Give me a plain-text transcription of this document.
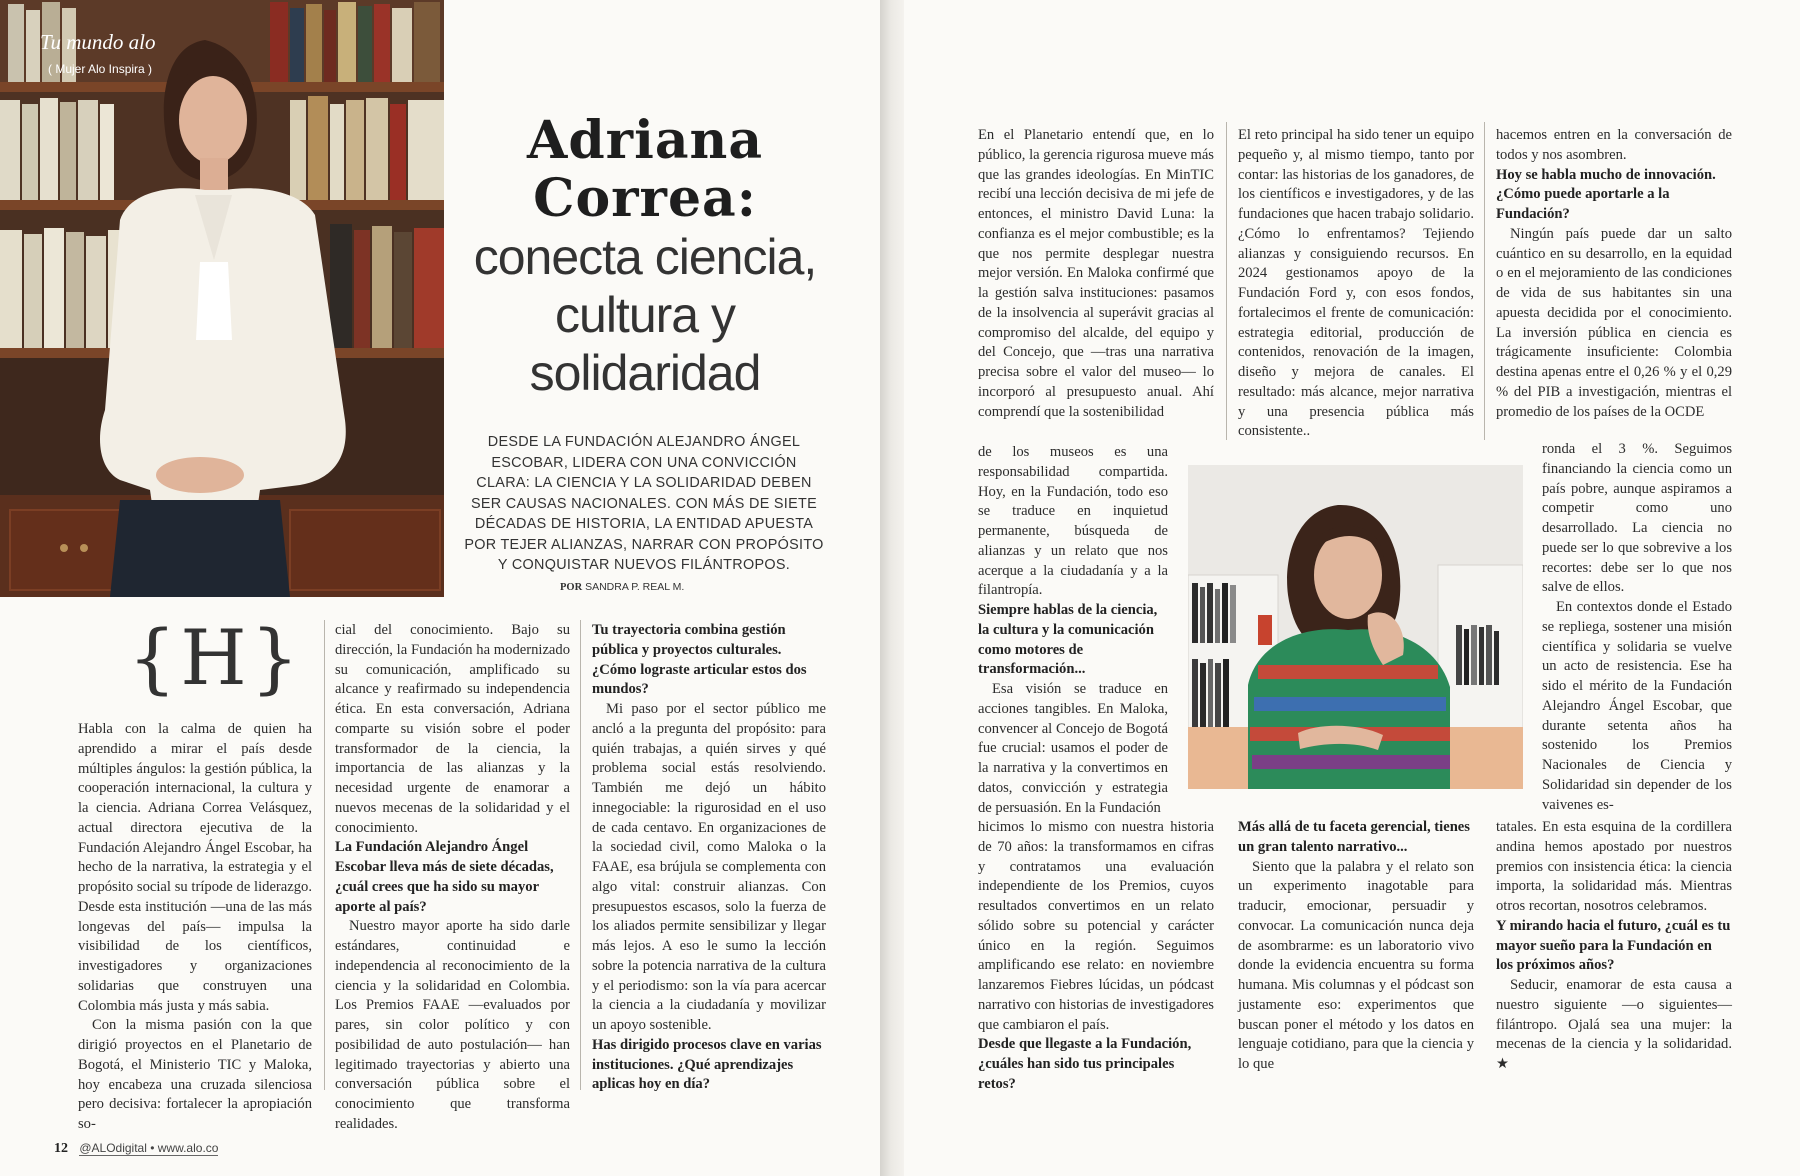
Tu mundo alo
( Mujer Alo Inspira )
Adriana
Correa:
conecta ciencia,
cultura y
solidaridad
DESDE LA FUNDACIÓN ALEJANDRO ÁNGEL ESCOBAR, LIDERA CON UNA CONVICCIÓN CLARA: LA CIENCIA Y LA SOLIDARIDAD DEBEN SER CAUSAS NACIONALES. CON MÁS DE SIETE DÉCADAS DE HISTORIA, LA ENTIDAD APUESTA POR TEJER ALIANZAS, NARRAR CON PROPÓSITO Y CONQUISTAR NUEVOS FILÁNTROPOS.
POR SANDRA P. REAL M.
{H}

Habla con la calma de quien ha aprendido a mirar el país desde múltiples ángulos: la gestión pública, la cooperación internacional, la cultura y la ciencia. Adriana Correa Velásquez, actual directora ejecutiva de la Fundación Alejandro Ángel Escobar, ha hecho de la narrativa, la estrategia y el propósito social su trípode de liderazgo. Desde esta institución —una de las más longevas del país— impulsa la visibilidad de los científicos, investigadores y organizaciones solidarias que construyen una Colombia más justa y más sabia.

Con la misma pasión con la que dirigió proyectos en el Planetario de Bogotá, el Ministerio TIC y Maloka, hoy encabeza una cruzada silenciosa pero decisiva: fortalecer la apropiación so-

cial del conocimiento. Bajo su dirección, la Fundación ha modernizado su comunicación, amplificado su alcance y reafirmado su independencia ética. En esta conversación, Adriana comparte su visión sobre el poder transformador de la ciencia, la importancia de las alianzas y la necesidad urgente de enamorar a nuevos mecenas de la solidaridad y el conocimiento.

La Fundación Alejandro Ángel Escobar lleva más de siete décadas, ¿cuál crees que ha sido su mayor aporte al país?

Nuestro mayor aporte ha sido darle estándares, continuidad e independencia al reconocimiento de la ciencia y la solidaridad en Colombia. Los Premios FAAE —evaluados por pares, sin color político y con posibilidad de auto postulación— han legitimado trayectorias y abierto una conversación pública sobre el conocimiento que transforma realidades.

Tu trayectoria combina gestión pública y proyectos culturales. ¿Cómo lograste articular estos dos mundos?

Mi paso por el sector público me ancló a la pregunta del propósito: para quién trabajas, a quién sirves y qué problema social estás resolviendo. También me dejó un hábito innegociable: la rigurosidad en el uso de cada centavo. En organizaciones de la sociedad civil, como Maloka o la FAAE, esa brújula se complementa con algo vital: construir alianzas. Con presupuestos escasos, solo la fuerza de los aliados permite sensibilizar y llegar más lejos. A eso le sumo la lección sobre la potencia narrativa de la cultura y el periodismo: son la vía para acercar la ciencia a la ciudadanía y movilizar un apoyo sostenible.

Has dirigido procesos clave en varias instituciones. ¿Qué aprendizajes aplicas hoy en día?

12 @ALOdigital • www.alo.co

En el Planetario entendí que, en lo público, la gerencia rigurosa mueve más que las grandes ideologías. En MinTIC recibí una lección decisiva de mi jefe de entonces, el ministro David Luna: la confianza es el mejor combustible; es la que nos permite desplegar nuestra mejor versión. En Maloka confirmé que la gestión salva instituciones: pasamos de la insolvencia al superávit gracias al compromiso del alcalde, del equipo y del Concejo, que —tras una narrativa precisa sobre el valor del museo— lo incorporó al presupuesto anual. Ahí comprendí que la sostenibilidad

de los museos es una responsabilidad compartida. Hoy, en la Fundación, todo eso se traduce en inquietud permanente, búsqueda de alianzas y un relato que nos acerque a la ciudadanía y a la filantropía.

Siempre hablas de la ciencia, la cultura y la comunicación como motores de transformación...

Esa visión se traduce en acciones tangibles. En Maloka, convencer al Concejo de Bogotá fue crucial: usamos el poder de la narrativa y la convertimos en datos, convicción y estrategia de persuasión. En la Fundación

hicimos lo mismo con nuestra historia de 70 años: la transformamos en cifras y contratamos una evaluación independiente de los Premios, cuyos resultados convertimos en un relato sólido sobre su potencial y carácter único en la región. Seguimos amplificando ese relato: en noviembre lanzaremos Fiebres lúcidas, un pódcast narrativo con historias de investigadores que cambiaron el país.

Desde que llegaste a la Fundación, ¿cuáles han sido tus principales retos?

El reto principal ha sido tener un equipo pequeño y, al mismo tiempo, tanto por contar: las historias de los ganadores, de los científicos e investigadores, y de las fundaciones que hacen trabajo solidario. ¿Cómo lo enfrentamos? Tejiendo alianzas y consiguiendo recursos. En 2024 gestionamos apoyo de la Fundación Ford y, con esos fondos, fortalecimos el frente de comunicación: estrategia editorial, producción de contenidos, renovación de la imagen, diseño y mejora de canales. El resultado: más alcance, mejor narrativa y una presencia pública más consistente..

Más allá de tu faceta gerencial, tienes un gran talento narrativo...

Siento que la palabra y el relato son un experimento inagotable para traducir, emocionar, persuadir y convocar. La comunicación nunca deja de asombrarme: es un laboratorio vivo donde la evidencia encuentra su forma humana. Mis columnas y el pódcast son justamente eso: experimentos que buscan poner el método y los datos en lenguaje cotidiano, para que la ciencia y lo que

hacemos entren en la conversación de todos y nos asombren.

Hoy se habla mucho de innovación. ¿Cómo puede aportarle a la Fundación?

Ningún país puede dar un salto cuántico en su desarrollo, en la equidad o en el mejoramiento de las condiciones de vida de sus habitantes sin una apuesta decidida por el conocimiento. La inversión pública en ciencia es trágicamente insuficiente: Colombia destina apenas entre el 0,26 % y el 0,29 % del PIB a investigación, mientras el promedio de los países de la OCDE

ronda el 3 %. Seguimos financiando la ciencia como un país pobre, aunque aspiramos a competir como uno desarrollado. La ciencia no puede ser lo que sobrevive a los recortes: debe ser lo que nos salve de ellos.

En contextos donde el Estado se repliega, sostener una misión científica y solidaria se vuelve un acto de resistencia. Ese ha sido el mérito de la Fundación Alejandro Ángel Escobar, que durante setenta años ha sostenido los Premios Nacionales de Ciencia y Solidaridad sin depender de los vaivenes es-

tatales. En esta esquina de la cordillera andina hemos apostado por nuestros premios con insistencia ética: la ciencia importa, la solidaridad más. Mientras otros recortan, nosotros celebramos.

Y mirando hacia el futuro, ¿cuál es tu mayor sueño para la Fundación en los próximos años?

Seducir, enamorar de esta causa a nuestro siguiente —o siguientes— filántropo. Ojalá sea una mujer: la mecenas de la ciencia y la solidaridad. ★
